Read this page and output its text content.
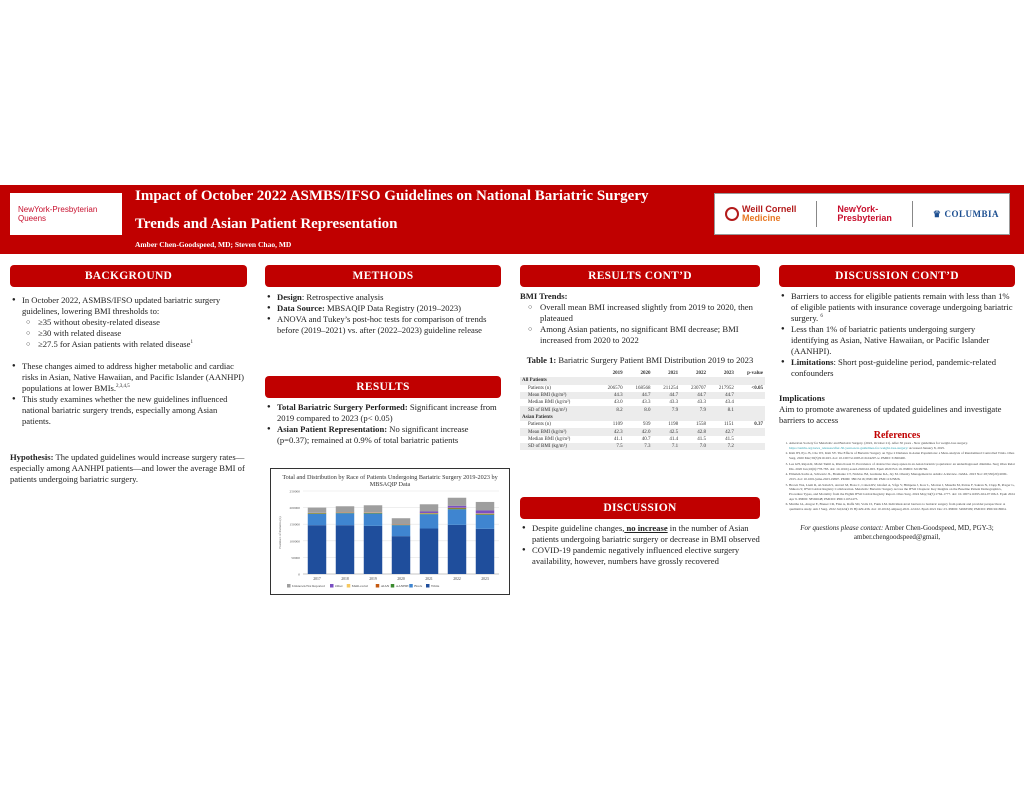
NewYork-Presbyterian
Queens
Impact of October 2022 ASMBS/IFSO Guidelines on National Bariatric Surgery
Trends and Asian Patient Representation
Amber Chen-Goodspeed, MD; Steven Chao, MD
Weill Cornell
Medicine
NewYork-
Presbyterian	♛ COLUMBIA
BACKGROUND
● In October 2022, ASMBS/IFSO updated bariatric surgery guidelines, lowering BMI thresholds to:
○ ≥35 without obesity-related disease
○ ≥30 with related disease
○ ≥27.5 for Asian patients with related disease$^1$
● These changes aimed to address higher metabolic and cardiac risks in Asian, Native Hawaiian, and Pacific Islander (AANHPI) populations at lower BMIs.$^{2,3,4,5}$
● This study examines whether the new guidelines influenced national bariatric surgery trends, especially among Asian patients.
Hypothesis: The updated guidelines would increase surgery rates—especially among AANHPI patients—and lower the average BMI of patients undergoing bariatric surgery.
METHODS
● Design: Retrospective analysis
● Data Source: MBSAQIP Data Registry (2019–2023)
● ANOVA and Tukey’s post-hoc tests for comparison of trends before (2019–2021) vs. after (2022–2023) guideline release
RESULTS
● Total Bariatric Surgery Performed: Significant increase from 2019 compared to 2023 (p< 0.05)
● Asian Patient Representation: No significant increase (p=0.37); remained at 0.9% of total bariatric patients
Total and Distribution by Race of Patients Undergoing Bariatric Surgery 2019-2023 by MBSAQIP Data
0
50000
100000
150000
200000
250000
Number of Patients (n)
2017	2018	2019	2020	2021	2022	2023
Unknown/Not Reported	Other	Multi-racial	AIAN AANHPI Black	White
RESULTS CONT’D
BMI Trends:
○ Overall mean BMI increased slightly from 2019 to 2020, then plateaued
○ Among Asian patients, no significant BMI decrease; BMI increased from 2020 to 2022
Table 1: Bariatric Surgery Patient BMI Distribution 2019 to 2023
	2019	2020	2021	2022	2023	p-value
All Patients						
Patients (n)	206570	168568	211254	230707	217952	<0.05
Mean BMI (kg/m²)	44.3	44.7	44.7	44.7	44.7	
Median BMI (kg/m²)	43.0	43.3	43.3	43.3	43.4	
SD of BMI (kg/m²)	8.2	8.0	7.9	7.9	8.1	
Asian Patients						
Patients (n)	1109	939	1198	1558	1151	0.37
Mean BMI (kg/m²)	42.3	42.0	42.5	42.8	42.7	
Median BMI (kg/m²)	41.1	40.7	41.4	41.5	41.5	
SD of BMI (kg/m²)	7.5	7.3	7.1	7.0	7.2	
DISCUSSION
● Despite guideline changes, no increase in the number of Asian patients undergoing bariatric surgery or decrease in BMI observed
● COVID-19 pandemic negatively influenced elective surgery availability, however, numbers have grossly recovered
DISCUSSION CONT’D
● Barriers to access for eligible patients remain with less than 1% of eligible patients with insurance coverage undergoing bariatric surgery. $^6$
● Less than 1% of bariatric patients undergoing surgery identifying as Asian, Native Hawaiian, or Pacific Islander (AANHPI).
● Limitations: Short post-guideline period, pandemic-related confounders
Implications
Aim to promote awareness of updated guidelines and investigate barriers to access
References
1. American Society for Metabolic and Bariatric Surgery. (2022, October 21). After 30 years - New guidelines for weight-loss surgery. https://asmbs.org/news_releases/after-30-years-new-guidelines-for-weight-loss-surgery/ Accessed January 8, 2025.
2. Kim JH, Pyo JS, Cho WJ, Kim SY. The Effects of Bariatric Surgery on Type 2 Diabetes in Asian Populations: a Meta-analysis of Randomized Controlled Trials. Obes Surg. 2020 Mar;30(3):910-923. doi: 10.1007/s11695-019-04297-w. PMID: 31820400.
3. Lee GH, Rajan R, Mohd Tamil A, Rǎza Kosai N. Prevalence of obstructive sleep apnea in an Asian bariatric population: an underdiagnosed dilemma. Surg Obes Relat Dis. 2020 Jun;16(6):778-783. doi: 10.1016/j.soard.2020.02.003. Epub 2020 Feb 19. PMID: 32199766.
4. Elmaleh-Sachs A, Schwartz JL, Bramante CT, Nicklas JM, Gudzune KA, Jay M. Obesity Management in Adults: A Review. JAMA. 2023 Nov 28;330(20):2000-2015. doi: 10.1001/jama.2023.19897. PMID: 38015216; PMCID: PMC11325826.
5. Brown WA, Liem R, Al-Sabah S, Anvari M, Boza C, Cohen RV, Ghaferi A, Våge V, Himpens J, Kow L, Morton J, Musella M, Pattou F, Sakran N, Clapp B, Prager G, Shikora S; IFSO Global Registry Collaboration. Metabolic Bariatric Surgery Across the IFSO Chapters: Key Insights on the Baseline Patient Demographics, Procedure Types, and Mortality from the Eighth IFSO Global Registry Report. Obes Surg. 2024 May;34(5):1764-1777. doi: 10.1007/s11695-024-07196-3. Epub 2024 Apr 9. PMID: 38592648; PMCID: PMC11031475.
6. Murtha JA, Alagoz E, Breuer CR, Finn A, Raffa SD, Voils CI, Funk LM. Individual-level barriers to bariatric surgery from patient and provider perspectives: A qualitative study. Am J Surg. 2022 Jul;224(1 Pt B):429-436. doi: 10.1016/j.amjsurg.2021.12.022. Epub 2021 Dec 23. PMID: 34963509; PMCID: PMC9218004.
For questions please contact: Amber Chen-Goodspeed, MD, PGY-3; amber.chengoodspeed@gmail,
